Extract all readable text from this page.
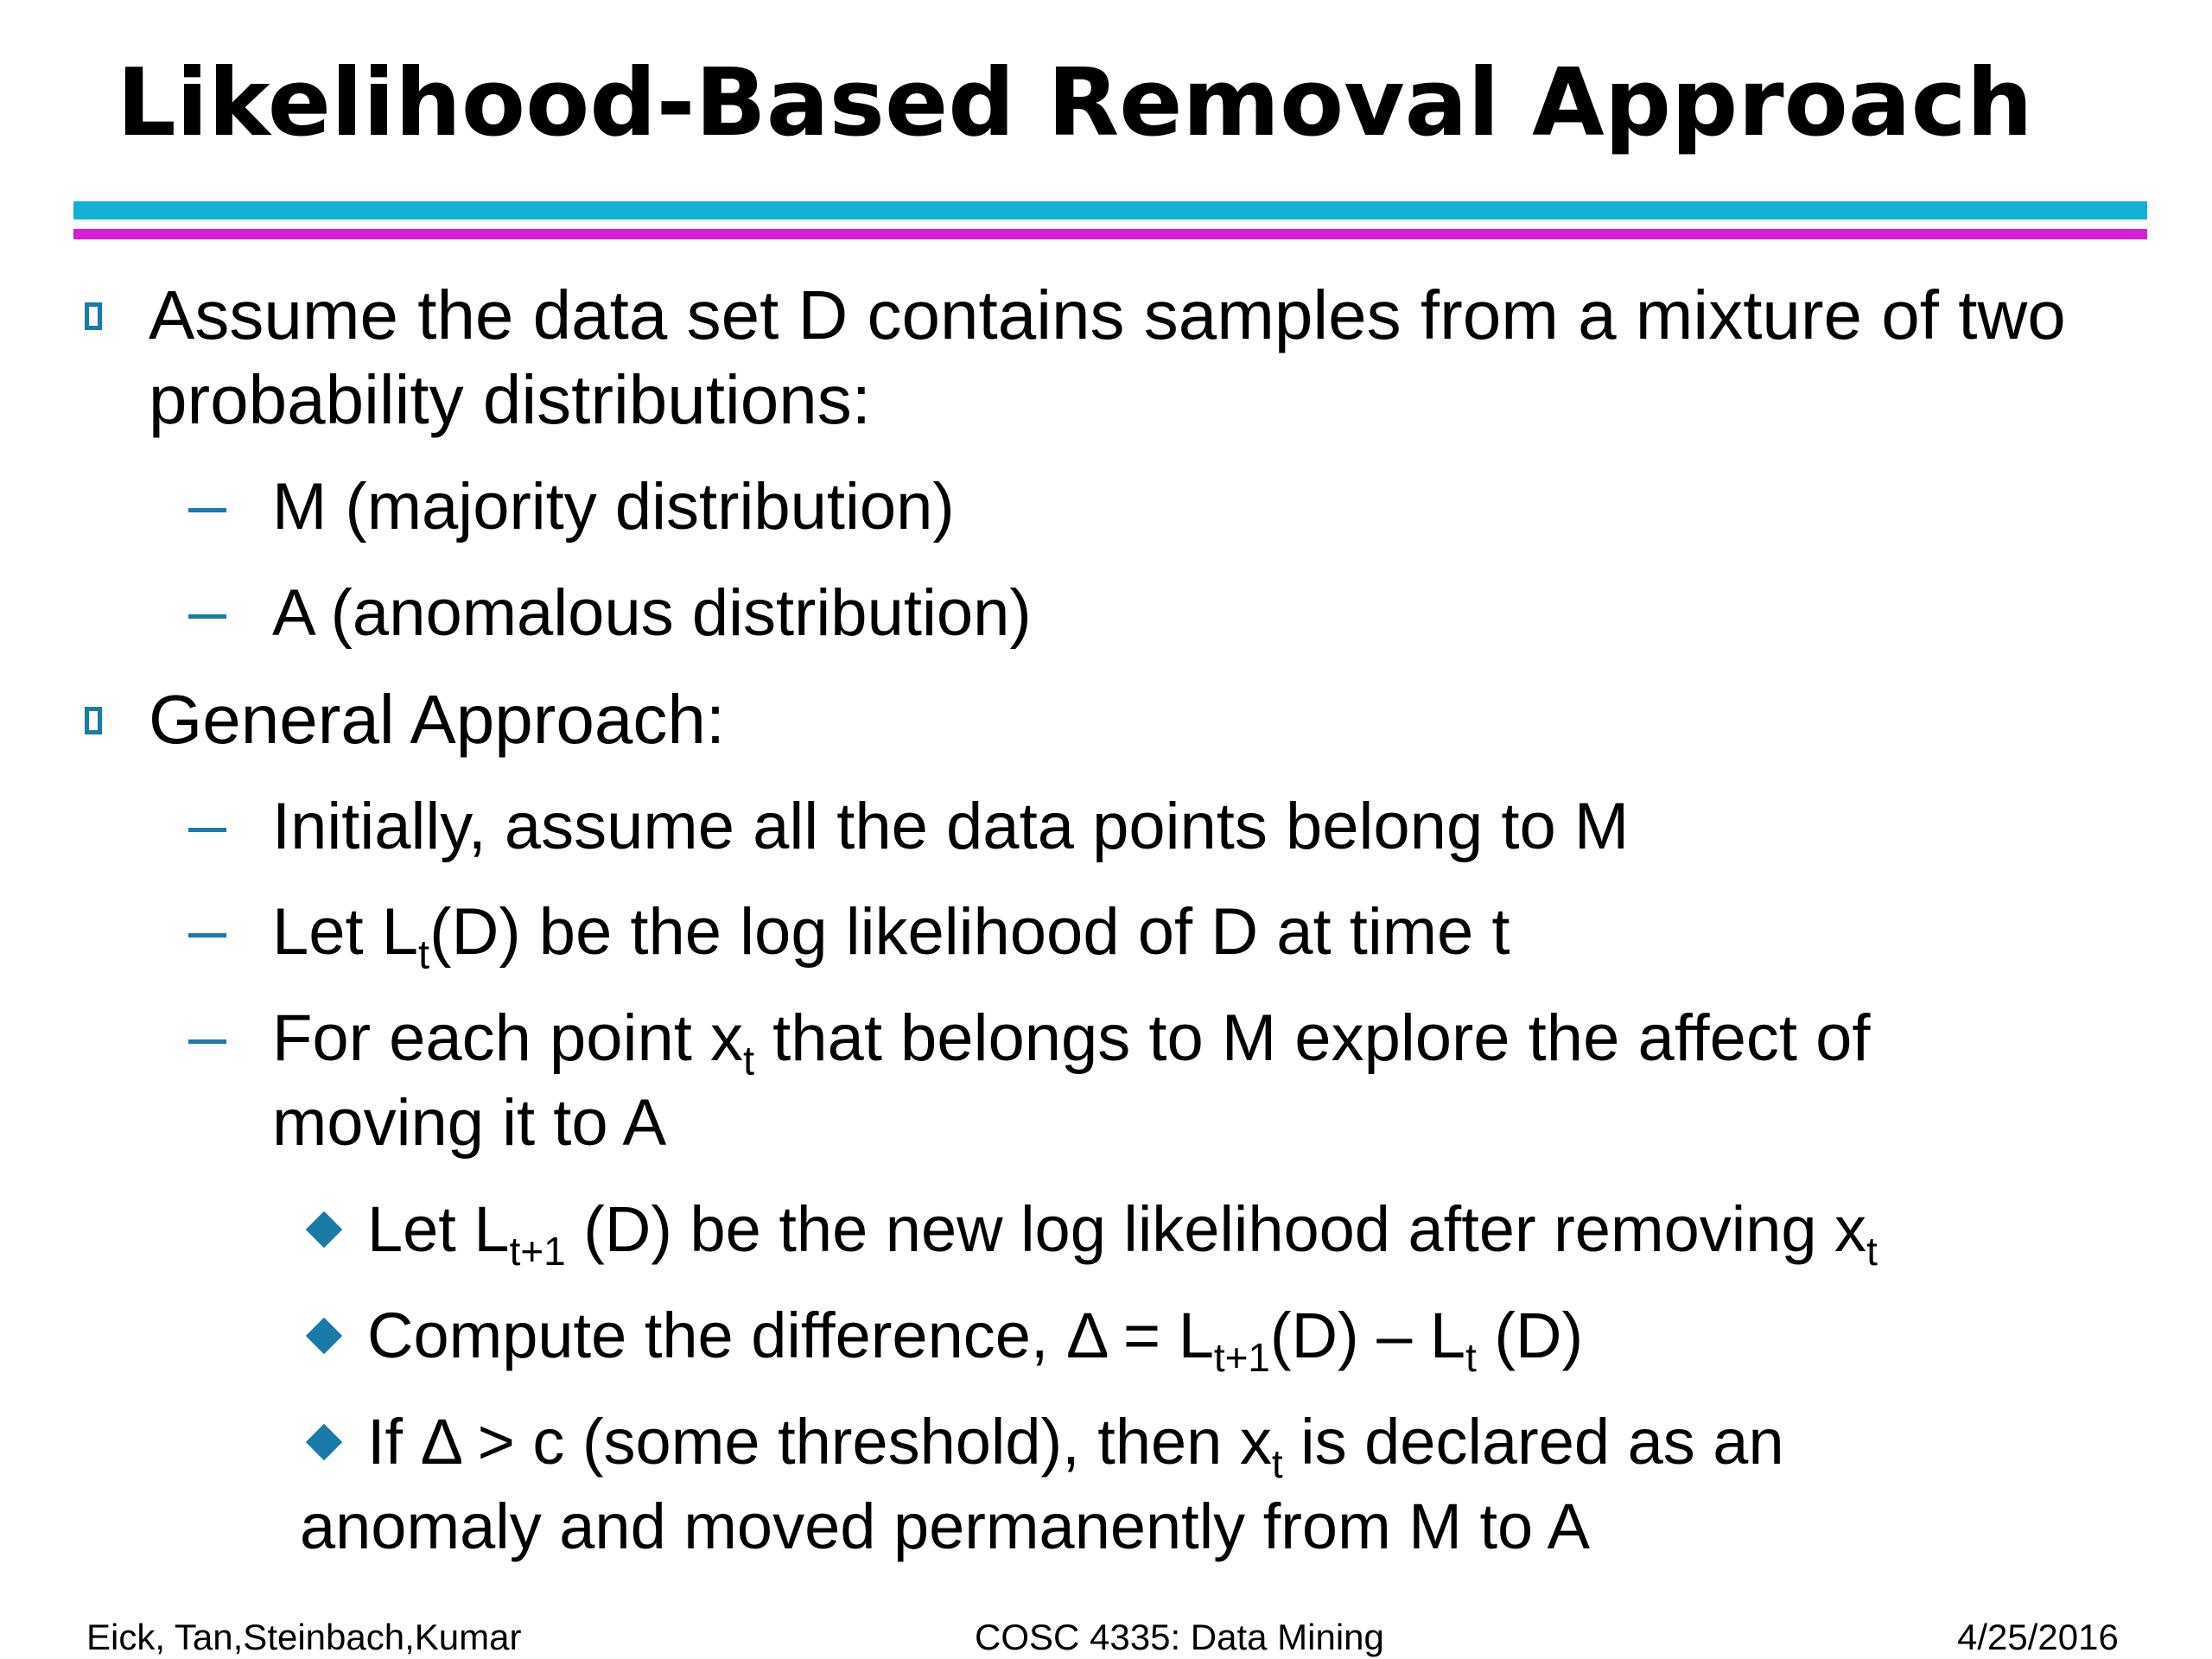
Likelihood-Based Removal Approach
Assume the data set D contains samples from a mixture of two
probability distributions:
M (majority distribution)
A (anomalous distribution)
General Approach:
Initially, assume all the data points belong to M
Let $L_t(D)$ be the log likelihood of D at time t
For each point $x_t$ that belongs to M explore the affect of
moving it to A
Let $L_{t+1}$ (D) be the new log likelihood after removing $x_t$
Compute the difference, $\Delta = L_{t+1}(D) - L_t$ (D)
If Δ > c (some threshold), then $x_t$ is declared as an
anomaly and moved permanently from M to A
Eick, Tan,Steinbach,Kumar	COSC 4335: Data Mining	4/25/2016
